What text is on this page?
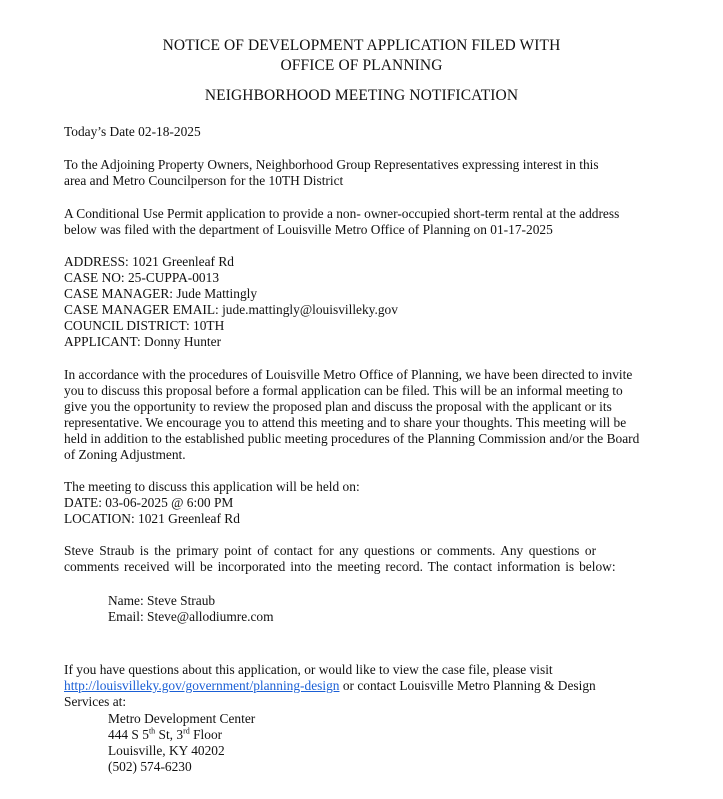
NOTICE OF DEVELOPMENT APPLICATION FILED WITH
OFFICE OF PLANNING
NEIGHBORHOOD MEETING NOTIFICATION
Today’s Date 02-18-2025
To the Adjoining Property Owners, Neighborhood Group Representatives expressing interest in this
area and Metro Councilperson for the 10TH District
A Conditional Use Permit application to provide a non- owner-occupied short-term rental at the address
below was filed with the department of Louisville Metro Office of Planning on 01-17-2025
ADDRESS: 1021 Greenleaf Rd
CASE NO: 25-CUPPA-0013
CASE MANAGER: Jude Mattingly
CASE MANAGER EMAIL: jude.mattingly@louisvilleky.gov
COUNCIL DISTRICT: 10TH
APPLICANT: Donny Hunter
In accordance with the procedures of Louisville Metro Office of Planning, we have been directed to invite
you to discuss this proposal before a formal application can be filed. This will be an informal meeting to
give you the opportunity to review the proposed plan and discuss the proposal with the applicant or its
representative. We encourage you to attend this meeting and to share your thoughts. This meeting will be
held in addition to the established public meeting procedures of the Planning Commission and/or the Board
of Zoning Adjustment.
The meeting to discuss this application will be held on:
DATE: 03-06-2025 @ 6:00 PM
LOCATION: 1021 Greenleaf Rd
Steve Straub is the primary point of contact for any questions or comments. Any questions or
comments received will be incorporated into the meeting record. The contact information is below:
Name: Steve Straub
Email: Steve@allodiumre.com
If you have questions about this application, or would like to view the case file, please visit
http://louisvilleky.gov/government/planning-design or contact Louisville Metro Planning & Design
Services at:
Metro Development Center
444 S 5th St, 3rd Floor
Louisville, KY 40202
(502) 574-6230
